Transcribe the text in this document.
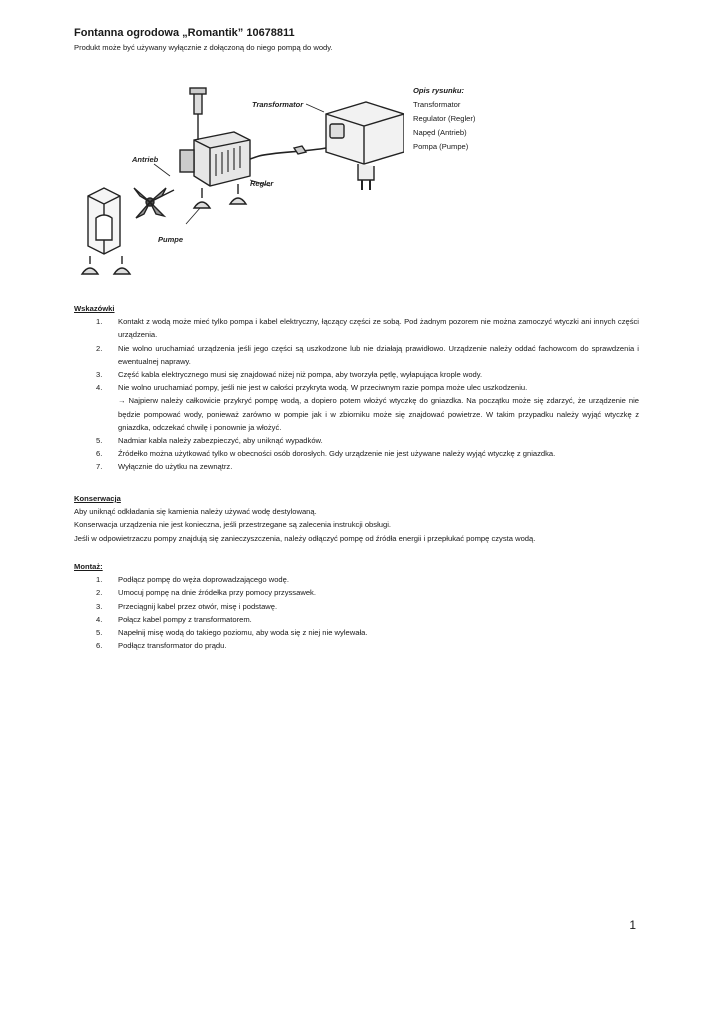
Fontanna ogrodowa „Romantik” 10678811

Produkt może być używany wyłącznie z dołączoną do niego pompą do wody.

Transformator
Antrieb
Regler
Pumpe
Opis rysunku:
Transformator
Regulator (Regler)
Napęd (Antrieb)
Pompa (Pumpe)
Wskazówki
1. Kontakt z wodą może mieć tylko pompa i kabel elektryczny, łączący części ze sobą. Pod żadnym pozorem nie można zamoczyć wtyczki ani innych części urządzenia.
2. Nie wolno uruchamiać urządzenia jeśli jego części są uszkodzone lub nie działają prawidłowo. Urządzenie należy oddać fachowcom do sprawdzenia i ewentualnej naprawy.
3. Część kabla elektrycznego musi się znajdować niżej niż pompa, aby tworzyła pętlę, wyłapująca krople wody.
4. Nie wolno uruchamiać pompy, jeśli nie jest w całości przykryta wodą. W przeciwnym razie pompa może ulec uszkodzeniu.
→ Najpierw należy całkowicie przykryć pompę wodą, a dopiero potem włożyć wtyczkę do gniazdka. Na początku może się zdarzyć, że urządzenie nie będzie pompować wody, ponieważ zarówno w pompie jak i w zbiorniku może się znajdować powietrze. W takim przypadku należy wyjąć wtyczkę z gniazdka, odczekać chwilę i ponownie ja włożyć.
5. Nadmiar kabla należy zabezpieczyć, aby uniknąć wypadków.
6. Źródełko można użytkować tylko w obecności osób dorosłych. Gdy urządzenie nie jest używane należy wyjąć wtyczkę z gniazdka.
7. Wyłącznie do użytku na zewnątrz.
Konserwacja

Aby uniknąć odkładania się kamienia należy używać wodę destylowaną.

Konserwacja urządzenia nie jest konieczna, jeśli przestrzegane są zalecenia instrukcji obsługi.

Jeśli w odpowietrzaczu pompy znajdują się zanieczyszczenia, należy odłączyć pompę od źródła energii i przepłukać pompę czysta wodą.

Montaż:
1. Podłącz pompę do węża doprowadzającego wodę.
2. Umocuj pompę na dnie źródełka przy pomocy przyssawek.
3. Przeciągnij kabel przez otwór, misę i podstawę.
4. Połącz kabel pompy z transformatorem.
5. Napełnij misę wodą do takiego poziomu, aby woda się z niej nie wylewała.
6. Podłącz transformator do prądu.
1
